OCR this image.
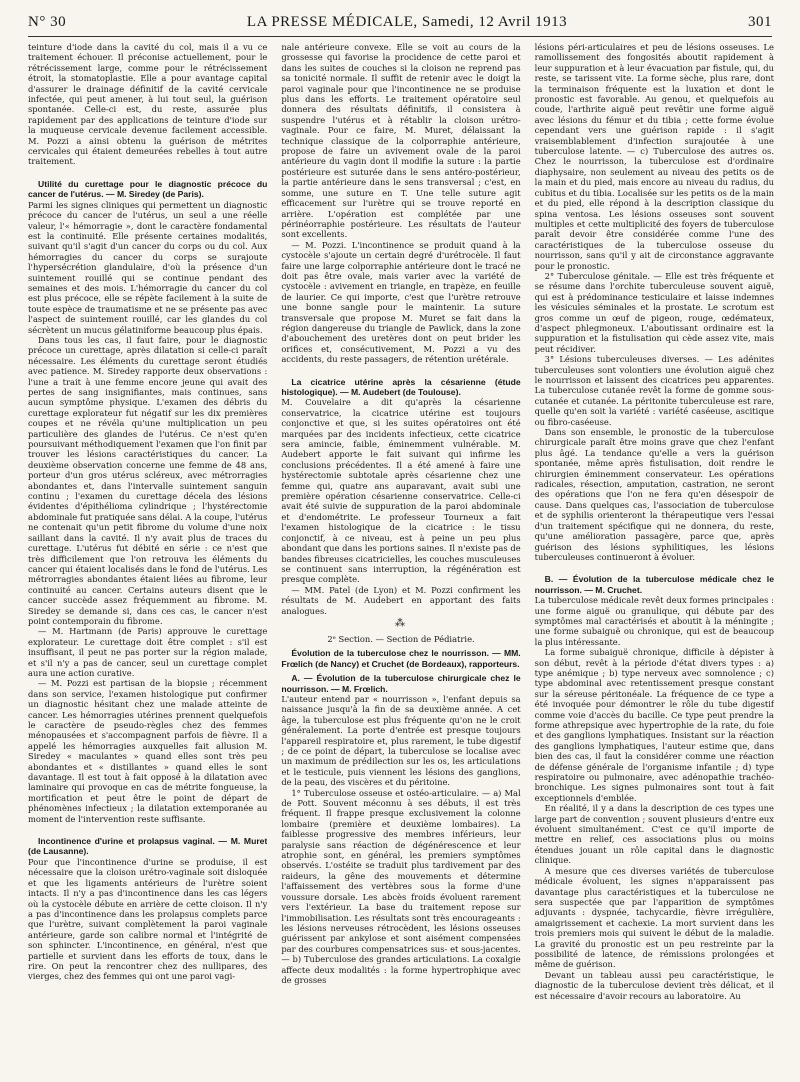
N° 30	LA PRESSE MÉDICALE, Samedi, 12 Avril 1913	301

teinture d'iode dans la cavité du col, mais il a vu ce traitement échouer. Il préconise actuellement, pour le rétrécissement large, comme pour le rétrécissement étroit, la stomatoplastie. Elle a pour avantage capital d'assurer le drainage définitif de la cavité cervicale infectée, qui peut amener, à lui tout seul, la guérison spontanée. Celle-ci est, du reste, assurée plus rapidement par des applications de teinture d'iode sur la muqueuse cervicale devenue facilement accessible. M. Pozzi a ainsi obtenu la guérison de métrites cervicales qui étaient demeurées rebelles à tout autre traitement.

Utilité du curettage pour le diagnostic précoce du cancer de l'utérus. — M. Siredey (de Paris).

Parmi les signes cliniques qui permettent un diagnostic précoce du cancer de l'utérus, un seul a une réelle valeur, l'« hémorragie », dont le caractère fondamental est la continuité. Elle présente certaines modalités, suivant qu'il s'agit d'un cancer du corps ou du col. Aux hémorragies du cancer du corps se surajoute l'hypersécrétion glandulaire, d'où la présence d'un suintement rouillé qui se continue pendant des semaines et des mois. L'hémorragie du cancer du col est plus précoce, elle se répète facilement à la suite de toute espèce de traumatisme et ne se présente pas avec l'aspect de suintement rouillé, car les glandes du col sécrètent un mucus gélatiniforme beaucoup plus épais.

Dans tous les cas, il faut faire, pour le diagnostic précoce un curettage, après dilatation si celle-ci paraît nécessaire. Les éléments du curettage seront étudiés avec patience. M. Siredey rapporte deux observations : l'une a trait à une femme encore jeune qui avait des pertes de sang insignifiantes, mais continues, sans aucun symptôme physique. L'examen des débris du curettage explorateur fut négatif sur les dix premières coupes et ne révéla qu'une multiplication un peu particulière des glandes de l'utérus. Ce n'est qu'en poursuivant méthodiquement l'examen que l'on finit par trouver les lésions caractéristiques du cancer. La deuxième observation concerne une femme de 48 ans, porteur d'un gros utérus scléreux, avec métrorragies abondantes et, dans l'intervalle suintement sanguin continu ; l'examen du curettage décela des lésions évidentes d'épithélioma cylindrique ; l'hystérectomie abdominale fut pratiquée sans délai. A la coupe, l'utérus ne contenait qu'un petit fibrome du volume d'une noix saillant dans la cavité. Il n'y avait plus de traces du curettage. L'utérus fut débité en série : ce n'est que très difficilement que l'on retrouva les éléments du cancer qui étaient localisés dans le fond de l'utérus. Les métrorragies abondantes étaient liées au fibrome, leur continuité au cancer. Certains auteurs disent que le cancer succède assez fréquemment au fibrome. M. Siredey se demande si, dans ces cas, le cancer n'est point contemporain du fibrome.

— M. Hartmann (de Paris) approuve le curettage explorateur. Le curettage doit être complet : s'il est insuffisant, il peut ne pas porter sur la région malade, et s'il n'y a pas de cancer, seul un curettage complet aura une action curative.

— M. Pozzi est partisan de la biopsie ; récemment dans son service, l'examen histologique put confirmer un diagnostic hésitant chez une malade atteinte de cancer. Les hémorragies utérines prennent quelquefois le caractère de pseudo-règles chez des femmes ménopausées et s'accompagnent parfois de fièvre. Il a appelé les hémorragies auxquelles fait allusion M. Siredey « maculantes » quand elles sont très peu abondantes et « distillantes » quand elles le sont davantage. Il est tout à fait opposé à la dilatation avec laminaire qui provoque en cas de métrite fongueuse, la mortification et peut être le point de départ de phénomènes infectieux ; la dilatation extemporanée au moment de l'intervention reste suffisante.

Incontinence d'urine et prolapsus vaginal. — M. Muret (de Lausanne).

Pour que l'incontinence d'urine se produise, il est nécessaire que la cloison urétro-vaginale soit disloquée et que les ligaments antérieurs de l'urètre soient intacts. Il n'y a pas d'incontinence dans les cas légers où la cystocèle débute en arrière de cette cloison. Il n'y a pas d'incontinence dans les prolapsus complets parce que l'urètre, suivant complètement la paroi vaginale antérieure, garde son calibre normal et l'intégrité de son sphincter. L'incontinence, en général, n'est que partielle et survient dans les efforts de toux, dans le rire. On peut la rencontrer chez des nullipares, des vierges, chez des femmes qui ont une paroi vagi-

nale antérieure convexe. Elle se voit au cours de la grossesse qui favorise la procidence de cette paroi et dans les suites de couches si la cloison ne reprend pas sa tonicité normale. Il suffit de retenir avec le doigt la paroi vaginale pour que l'incontinence ne se produise plus dans les efforts. Le traitement opératoire seul donnera des résultats définitifs, il consistera à suspendre l'utérus et à rétablir la cloison urétro-vaginale. Pour ce faire, M. Muret, délaissant la technique classique de la colporraphie antérieure, propose de faire un avivement ovale de la paroi antérieure du vagin dont il modifie la suture : la partie postérieure est suturée dans le sens antéro-postérieur, la partie antérieure dans le sens transversal ; c'est, en somme, une suture en T. Une telle suture agit efficacement sur l'urètre qui se trouve reporté en arrière. L'opération est complétée par une périnéorraphie postérieure. Les résultats de l'auteur sont excellents.

— M. Pozzi. L'incontinence se produit quand à la cystocèle s'ajoute un certain degré d'urétrocèle. Il faut faire une large colporraphie antérieure dont le tracé ne doit pas être ovale, mais varier avec la variété de cystocèle : avivement en triangle, en trapèze, en feuille de laurier. Ce qui importe, c'est que l'urètre retrouve une bonne sangle pour le maintenir. La suture transversale que propose M. Muret se fait dans la région dangereuse du triangle de Pawlick, dans la zone d'abouchement des uretères dont on peut brider les orifices et, consécutivement, M. Pozzi a vu des accidents, du reste passagers, de rétention urétérale.

La cicatrice utérine après la césarienne (étude histologique). — M. Audebert (de Toulouse).

M. Couvelaire a dit qu'après la césarienne conservatrice, la cicatrice utérine est toujours conjonctive et que, si les suites opératoires ont été marquées par des incidents infectieux, cette cicatrice sera amincie, faible, éminemment vulnérable. M. Audebert apporte le fait suivant qui infirme les conclusions précédentes. Il a été amené à faire une hystérectomie subtotale après césarienne chez une femme qui, quatre ans auparavant, avait subi une première opération césarienne conservatrice. Celle-ci avait été suivie de suppuration de la paroi abdominale et d'endométrite. Le professeur Tourneux a fait l'examen histologique de la cicatrice : le tissu conjonctif, à ce niveau, est à peine un peu plus abondant que dans les portions saines. Il n'existe pas de bandes fibreuses cicatricielles, les couches musculeuses se continuent sans interruption, la régénération est presque complète.

— MM. Patel (de Lyon) et M. Pozzi confirment les résultats de M. Audebert en apportant des faits analogues.

⁂
2ᵉ Section. — Section de Pédiatrie.
Évolution de la tuberculose chez le nourrisson. — MM. Frœlich (de Nancy) et Cruchet (de Bordeaux), rapporteurs.
A. — Évolution de la tuberculose chirurgicale chez le nourrisson. — M. Frœlich.

L'auteur entend par « nourrisson », l'enfant depuis sa naissance jusqu'à la fin de sa deuxième année. A cet âge, la tuberculose est plus fréquente qu'on ne le croit généralement. La porte d'entrée est presque toujours l'appareil respiratoire et, plus rarement, le tube digestif ; de ce point de départ, la tuberculose se localise avec un maximum de prédilection sur les os, les articulations et le testicule, puis viennent les lésions des ganglions, de la peau, des viscères et du péritoine.

1° Tuberculose osseuse et ostéo-articulaire. — a) Mal de Pott. Souvent méconnu à ses débuts, il est très fréquent. Il frappe presque exclusivement la colonne lombaire (première et deuxième lombaires). La faiblesse progressive des membres inférieurs, leur paralysie sans réaction de dégénérescence et leur atrophie sont, en général, les premiers symptômes observés. L'ostéite se traduit plus tardivement par des raideurs, la gêne des mouvements et détermine l'affaissement des vertèbres sous la forme d'une voussure dorsale. Les abcès froids évoluent rarement vers l'extérieur. La base du traitement repose sur l'immobilisation. Les résultats sont très encourageants : les lésions nerveuses rétrocèdent, les lésions osseuses guérissent par ankylose et sont aisément compensées par des courbures compensatrices sus- et sous-jacentes. — b) Tuberculose des grandes articulations. La coxalgie affecte deux modalités : la forme hypertrophique avec de grosses

lésions péri-articulaires et peu de lésions osseuses. Le ramollissement des fongosités aboutit rapidement à leur suppuration et à leur évacuation par fistule, qui, du reste, se tarissent vite. La forme sèche, plus rare, dont la terminaison fréquente est la luxation et dont le pronostic est favorable. Au genou, et quelquefois au coude, l'arthrite aiguë peut revêtir une forme aiguë avec lésions du fémur et du tibia ; cette forme évolue cependant vers une guérison rapide : il s'agit vraisemblablement d'infection surajoutée à une tuberculose latente. — c) Tuberculose des autres os. Chez le nourrisson, la tuberculose est d'ordinaire diaphysaire, non seulement au niveau des petits os de la main et du pied, mais encore au niveau du radius, du cubitus et du tibia. Localisée sur les petits os de la main et du pied, elle répond à la description classique du spina ventosa. Les lésions osseuses sont souvent multiples et cette multiplicité des foyers de tuberculose paraît devoir être considérée comme l'une des caractéristiques de la tuberculose osseuse du nourrisson, sans qu'il y ait de circonstance aggravante pour le pronostic.

2° Tuberculose génitale. — Elle est très fréquente et se résume dans l'orchite tuberculeuse souvent aiguë, qui est à prédominance testiculaire et laisse indemnes les vésicules séminales et la prostate. Le scrotum est gros comme un œuf de pigeon, rouge, œdémateux, d'aspect phlegmoneux. L'aboutissant ordinaire est la suppuration et la fistulisation qui cède assez vite, mais peut récidiver.

3° Lésions tuberculeuses diverses. — Les adénites tuberculeuses sont volontiers une évolution aiguë chez le nourrisson et laissent des cicatrices peu apparentes. La tuberculose cutanée revêt la forme de gomme sous-cutanée et cutanée. La péritonite tuberculeuse est rare, quelle qu'en soit la variété : variété caséeuse, ascitique ou fibro-caséeuse.

Dans son ensemble, le pronostic de la tuberculose chirurgicale paraît être moins grave que chez l'enfant plus âgé. La tendance qu'elle a vers la guérison spontanée, même après fistulisation, doit rendre le chirurgien éminemment conservateur. Les opérations radicales, résection, amputation, castration, ne seront des opérations que l'on ne fera qu'en désespoir de cause. Dans quelques cas, l'association de tuberculose et de syphilis orienteront la thérapeutique vers l'essai d'un traitement spécifique qui ne donnera, du reste, qu'une amélioration passagère, parce que, après guérison des lésions syphilitiques, les lésions tuberculeuses continueront à évoluer.

B. — Évolution de la tuberculose médicale chez le nourrisson. — M. Cruchet.

La tuberculose médicale revêt deux formes principales : une forme aiguë ou granulique, qui débute par des symptômes mal caractérisés et aboutit à la méningite ; une forme subaiguë ou chronique, qui est de beaucoup la plus intéressante.

La forme subaiguë chronique, difficile à dépister à son début, revêt à la période d'état divers types : a) type anémique ; b) type nerveux avec somnolence ; c) type abdominal avec retentissement presque constant sur la séreuse péritonéale. La fréquence de ce type a été invoquée pour démontrer le rôle du tube digestif comme voie d'accès du bacille. Ce type peut prendre la forme athrepsique avec hypertrophie de la rate, du foie et des ganglions lymphatiques. Insistant sur la réaction des ganglions lymphatiques, l'auteur estime que, dans bien des cas, il faut la considérer comme une réaction de défense générale de l'organisme infantile ; d) type respiratoire ou pulmonaire, avec adénopathie trachéo-bronchique. Les signes pulmonaires sont tout à fait exceptionnels d'emblée.

En réalité, il y a dans la description de ces types une large part de convention ; souvent plusieurs d'entre eux évoluent simultanément. C'est ce qu'il importe de mettre en relief, ces associations plus ou moins étendues jouant un rôle capital dans le diagnostic clinique.

A mesure que ces diverses variétés de tuberculose médicale évoluent, les signes n'apparaissent pas davantage plus caractéristiques et la tuberculose ne sera suspectée que par l'apparition de symptômes adjuvants : dyspnée, tachycardie, fièvre irrégulière, amaigrissement et cachexie. La mort survient dans les trois premiers mois qui suivent le début de la maladie. La gravité du pronostic est un peu restreinte par la possibilité de latence, de rémissions prolongées et même de guérison.

Devant un tableau aussi peu caractéristique, le diagnostic de la tuberculose devient très délicat, et il est nécessaire d'avoir recours au laboratoire. Au
